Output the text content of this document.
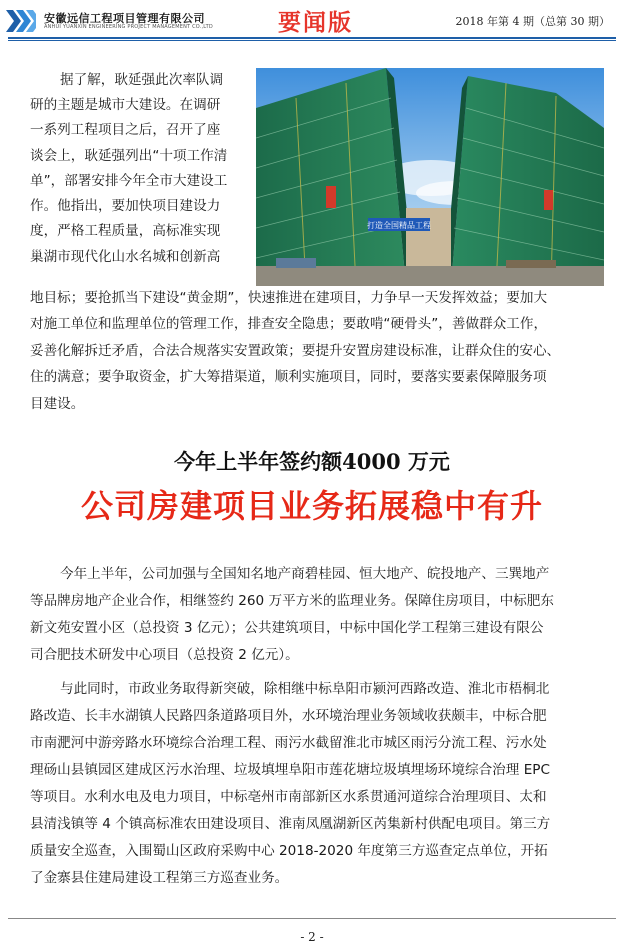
安徽远信工程项目管理有限公司
ANHUI YUANXIN ENGINEERING PROJECT MANAGEMENT CO.,LTD	要闻版	2018 年第 4 期（总第 30 期）
据了解，耿延强此次率队调
研的主题是城市大建设。在调研
一系列工程项目之后，召开了座
谈会上，耿延强列出“十项工作清
单”，部署安排今年全市大建设工
作。他指出，要加快项目建设力
度，严格工程质量，高标准实现
巢湖市现代化山水名城和创新高
地目标；要抢抓当下建设“黄金期”，快速推进在建项目，力争早一天发挥效益；要加大
对施工单位和监理单位的管理工作，排查安全隐患；要敢啃“硬骨头”，善做群众工作，
妥善化解拆迁矛盾，合法合规落实安置政策；要提升安置房建设标准，让群众住的安心、
住的满意；要争取资金，扩大筹措渠道，顺利实施项目，同时，要落实要素保障服务项
目建设。
打造全国精品工程
今年上半年签约额4000 万元
公司房建项目业务拓展稳中有升
今年上半年，公司加强与全国知名地产商碧桂园、恒大地产、皖投地产、三巽地产
等品牌房地产企业合作，相继签约 260 万平方米的监理业务。保障住房项目，中标肥东
新文苑安置小区（总投资 3 亿元）；公共建筑项目，中标中国化学工程第三建设有限公
司合肥技术研发中心项目（总投资 2 亿元）。
与此同时，市政业务取得新突破，除相继中标阜阳市颍河西路改造、淮北市梧桐北
路改造、长丰水湖镇人民路四条道路项目外，水环境治理业务领域收获颇丰，中标合肥
市南淝河中游旁路水环境综合治理工程、雨污水截留淮北市城区雨污分流工程、污水处
理砀山县镇园区建成区污水治理、垃圾填埋阜阳市莲花塘垃圾填埋场环境综合治理 EPC
等项目。水利水电及电力项目，中标亳州市南部新区水系贯通河道综合治理项目、太和
县清浅镇等 4 个镇高标准农田建设项目、淮南凤凰湖新区芮集新村供配电项目。第三方
质量安全巡查，入围蜀山区政府采购中心 2018-2020 年度第三方巡查定点单位，开拓
了金寨县住建局建设工程第三方巡查业务。
- 2 -
